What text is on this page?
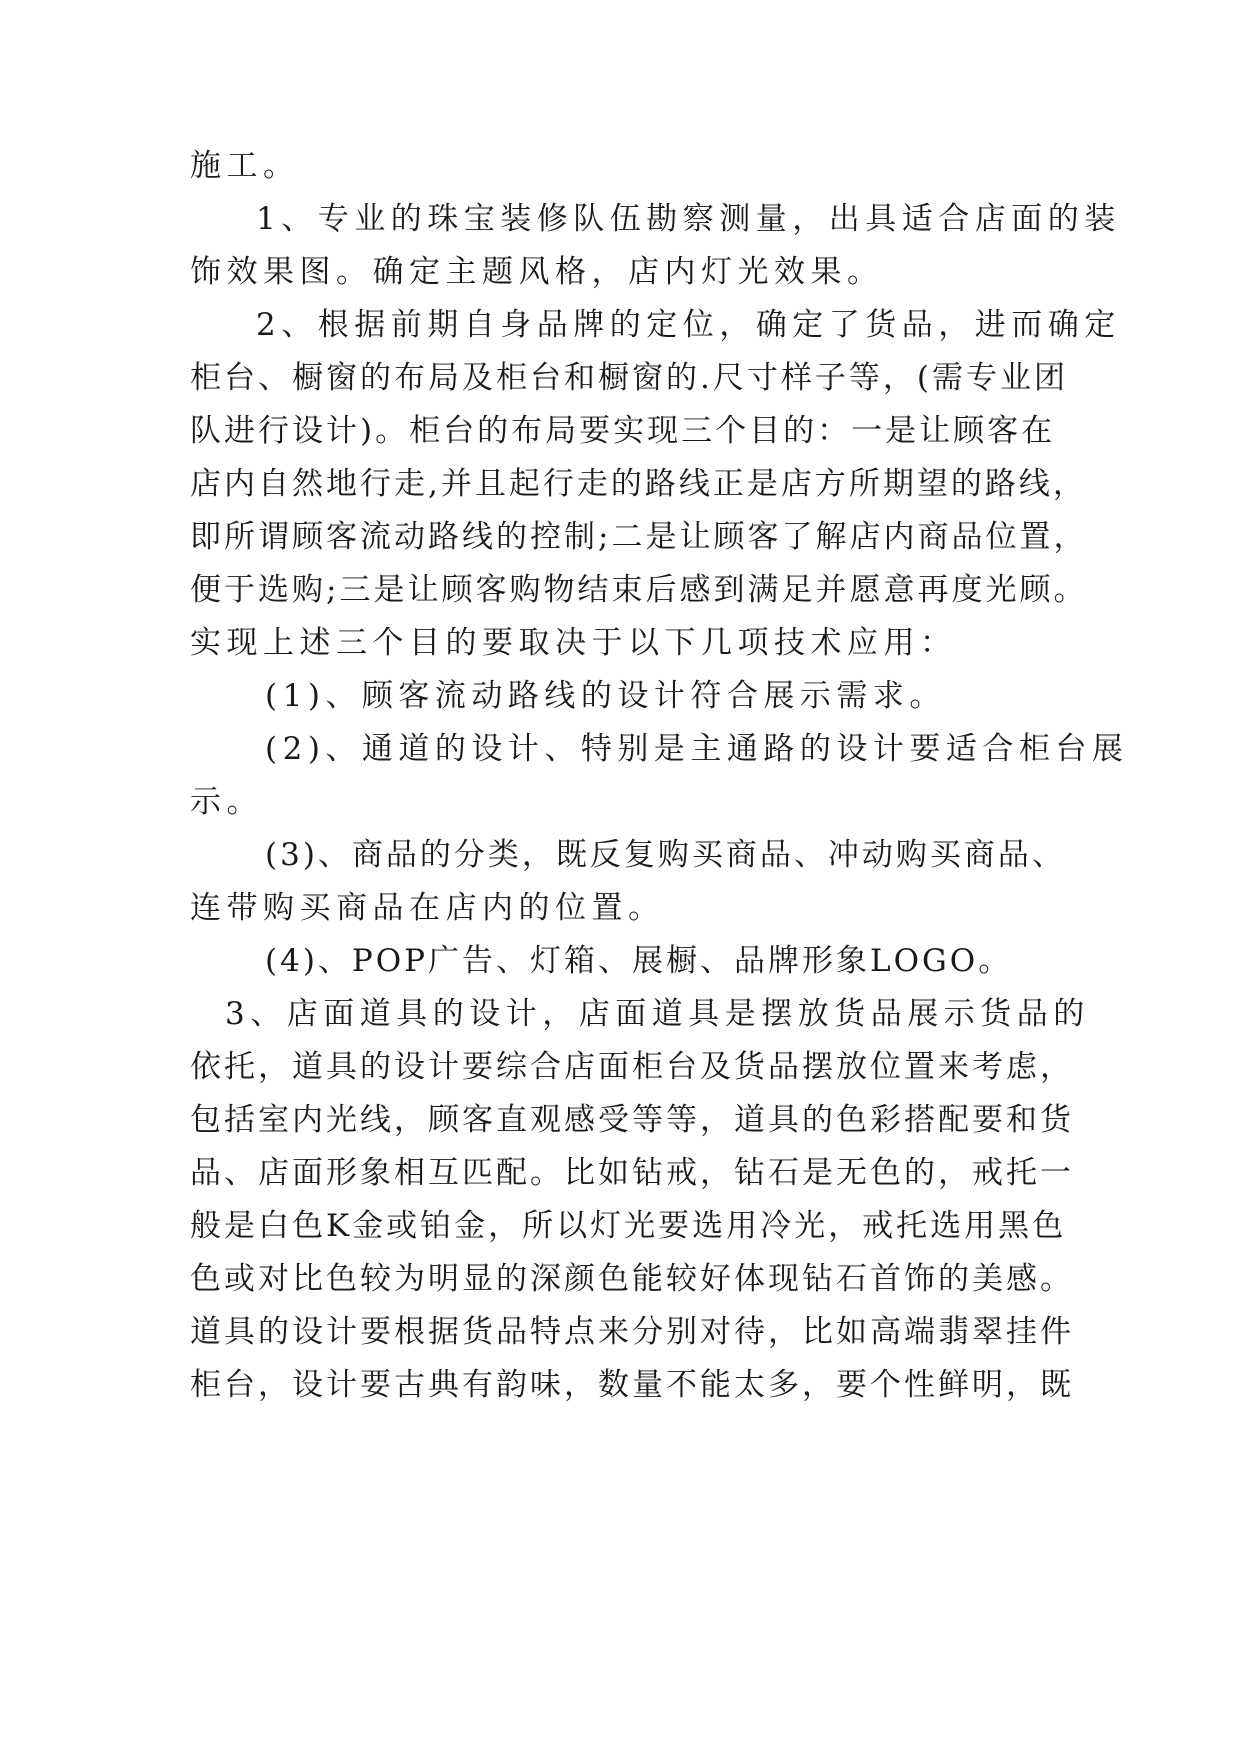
施工。

1、专业的珠宝装修队伍勘察测量，出具适合店面的装

饰效果图。确定主题风格，店内灯光效果。

2、根据前期自身品牌的定位，确定了货品，进而确定

柜台、橱窗的布局及柜台和橱窗的.尺寸样子等，(需专业团

队进行设计)。柜台的布局要实现三个目的：一是让顾客在

店内自然地行走,并且起行走的路线正是店方所期望的路线，

即所谓顾客流动路线的控制;二是让顾客了解店内商品位置，

便于选购;三是让顾客购物结束后感到满足并愿意再度光顾。

实现上述三个目的要取决于以下几项技术应用：

(1)、顾客流动路线的设计符合展示需求。

(2)、通道的设计、特别是主通路的设计要适合柜台展

示。

(3)、商品的分类，既反复购买商品、冲动购买商品、

连带购买商品在店内的位置。

(4)、POP广告、灯箱、展橱、品牌形象LOGO。

3、店面道具的设计，店面道具是摆放货品展示货品的

依托，道具的设计要综合店面柜台及货品摆放位置来考虑，

包括室内光线，顾客直观感受等等，道具的色彩搭配要和货

品、店面形象相互匹配。比如钻戒，钻石是无色的，戒托一

般是白色K金或铂金，所以灯光要选用冷光，戒托选用黑色

色或对比色较为明显的深颜色能较好体现钻石首饰的美感。

道具的设计要根据货品特点来分别对待，比如高端翡翠挂件

柜台，设计要古典有韵味，数量不能太多，要个性鲜明，既
